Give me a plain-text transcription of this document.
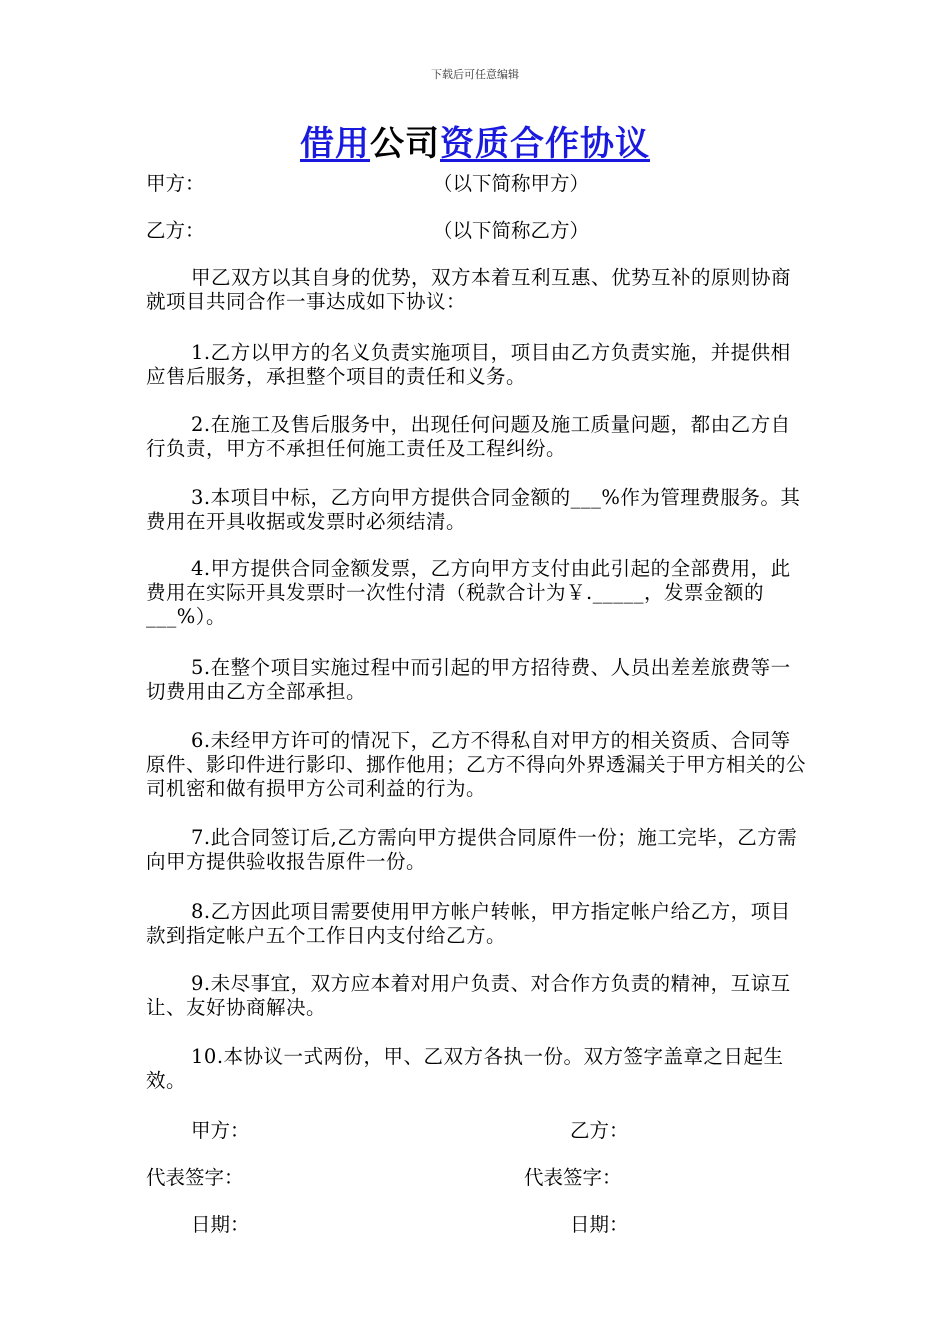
下载后可任意编辑
借用公司资质合作协议
甲方：	（以下简称甲方）
乙方：	（以下简称乙方）

甲乙双方以其自身的优势，双方本着互利互惠、优势互补的原则协商就项目共同合作一事达成如下协议：

1.乙方以甲方的名义负责实施项目，项目由乙方负责实施，并提供相应售后服务，承担整个项目的责任和义务。

2.在施工及售后服务中，出现任何问题及施工质量问题，都由乙方自行负责，甲方不承担任何施工责任及工程纠纷。

3.本项目中标，乙方向甲方提供合同金额的___%作为管理费服务。其费用在开具收据或发票时必须结清。

4.甲方提供合同金额发票，乙方向甲方支付由此引起的全部费用，此费用在实际开具发票时一次性付清（税款合计为￥._____，发票金额的___%）。

5.在整个项目实施过程中而引起的甲方招待费、人员出差差旅费等一切费用由乙方全部承担。

6.未经甲方许可的情况下，乙方不得私自对甲方的相关资质、合同等原件、影印件进行影印、挪作他用；乙方不得向外界透漏关于甲方相关的公司机密和做有损甲方公司利益的行为。

7.此合同签订后,乙方需向甲方提供合同原件一份；施工完毕，乙方需向甲方提供验收报告原件一份。

8.乙方因此项目需要使用甲方帐户转帐，甲方指定帐户给乙方，项目款到指定帐户五个工作日内支付给乙方。

9.未尽事宜，双方应本着对用户负责、对合作方负责的精神，互谅互让、友好协商解决。

10.本协议一式两份，甲、乙双方各执一份。双方签字盖章之日起生效。

甲方：	乙方：
代表签字：	代表签字：
日期：	日期：
